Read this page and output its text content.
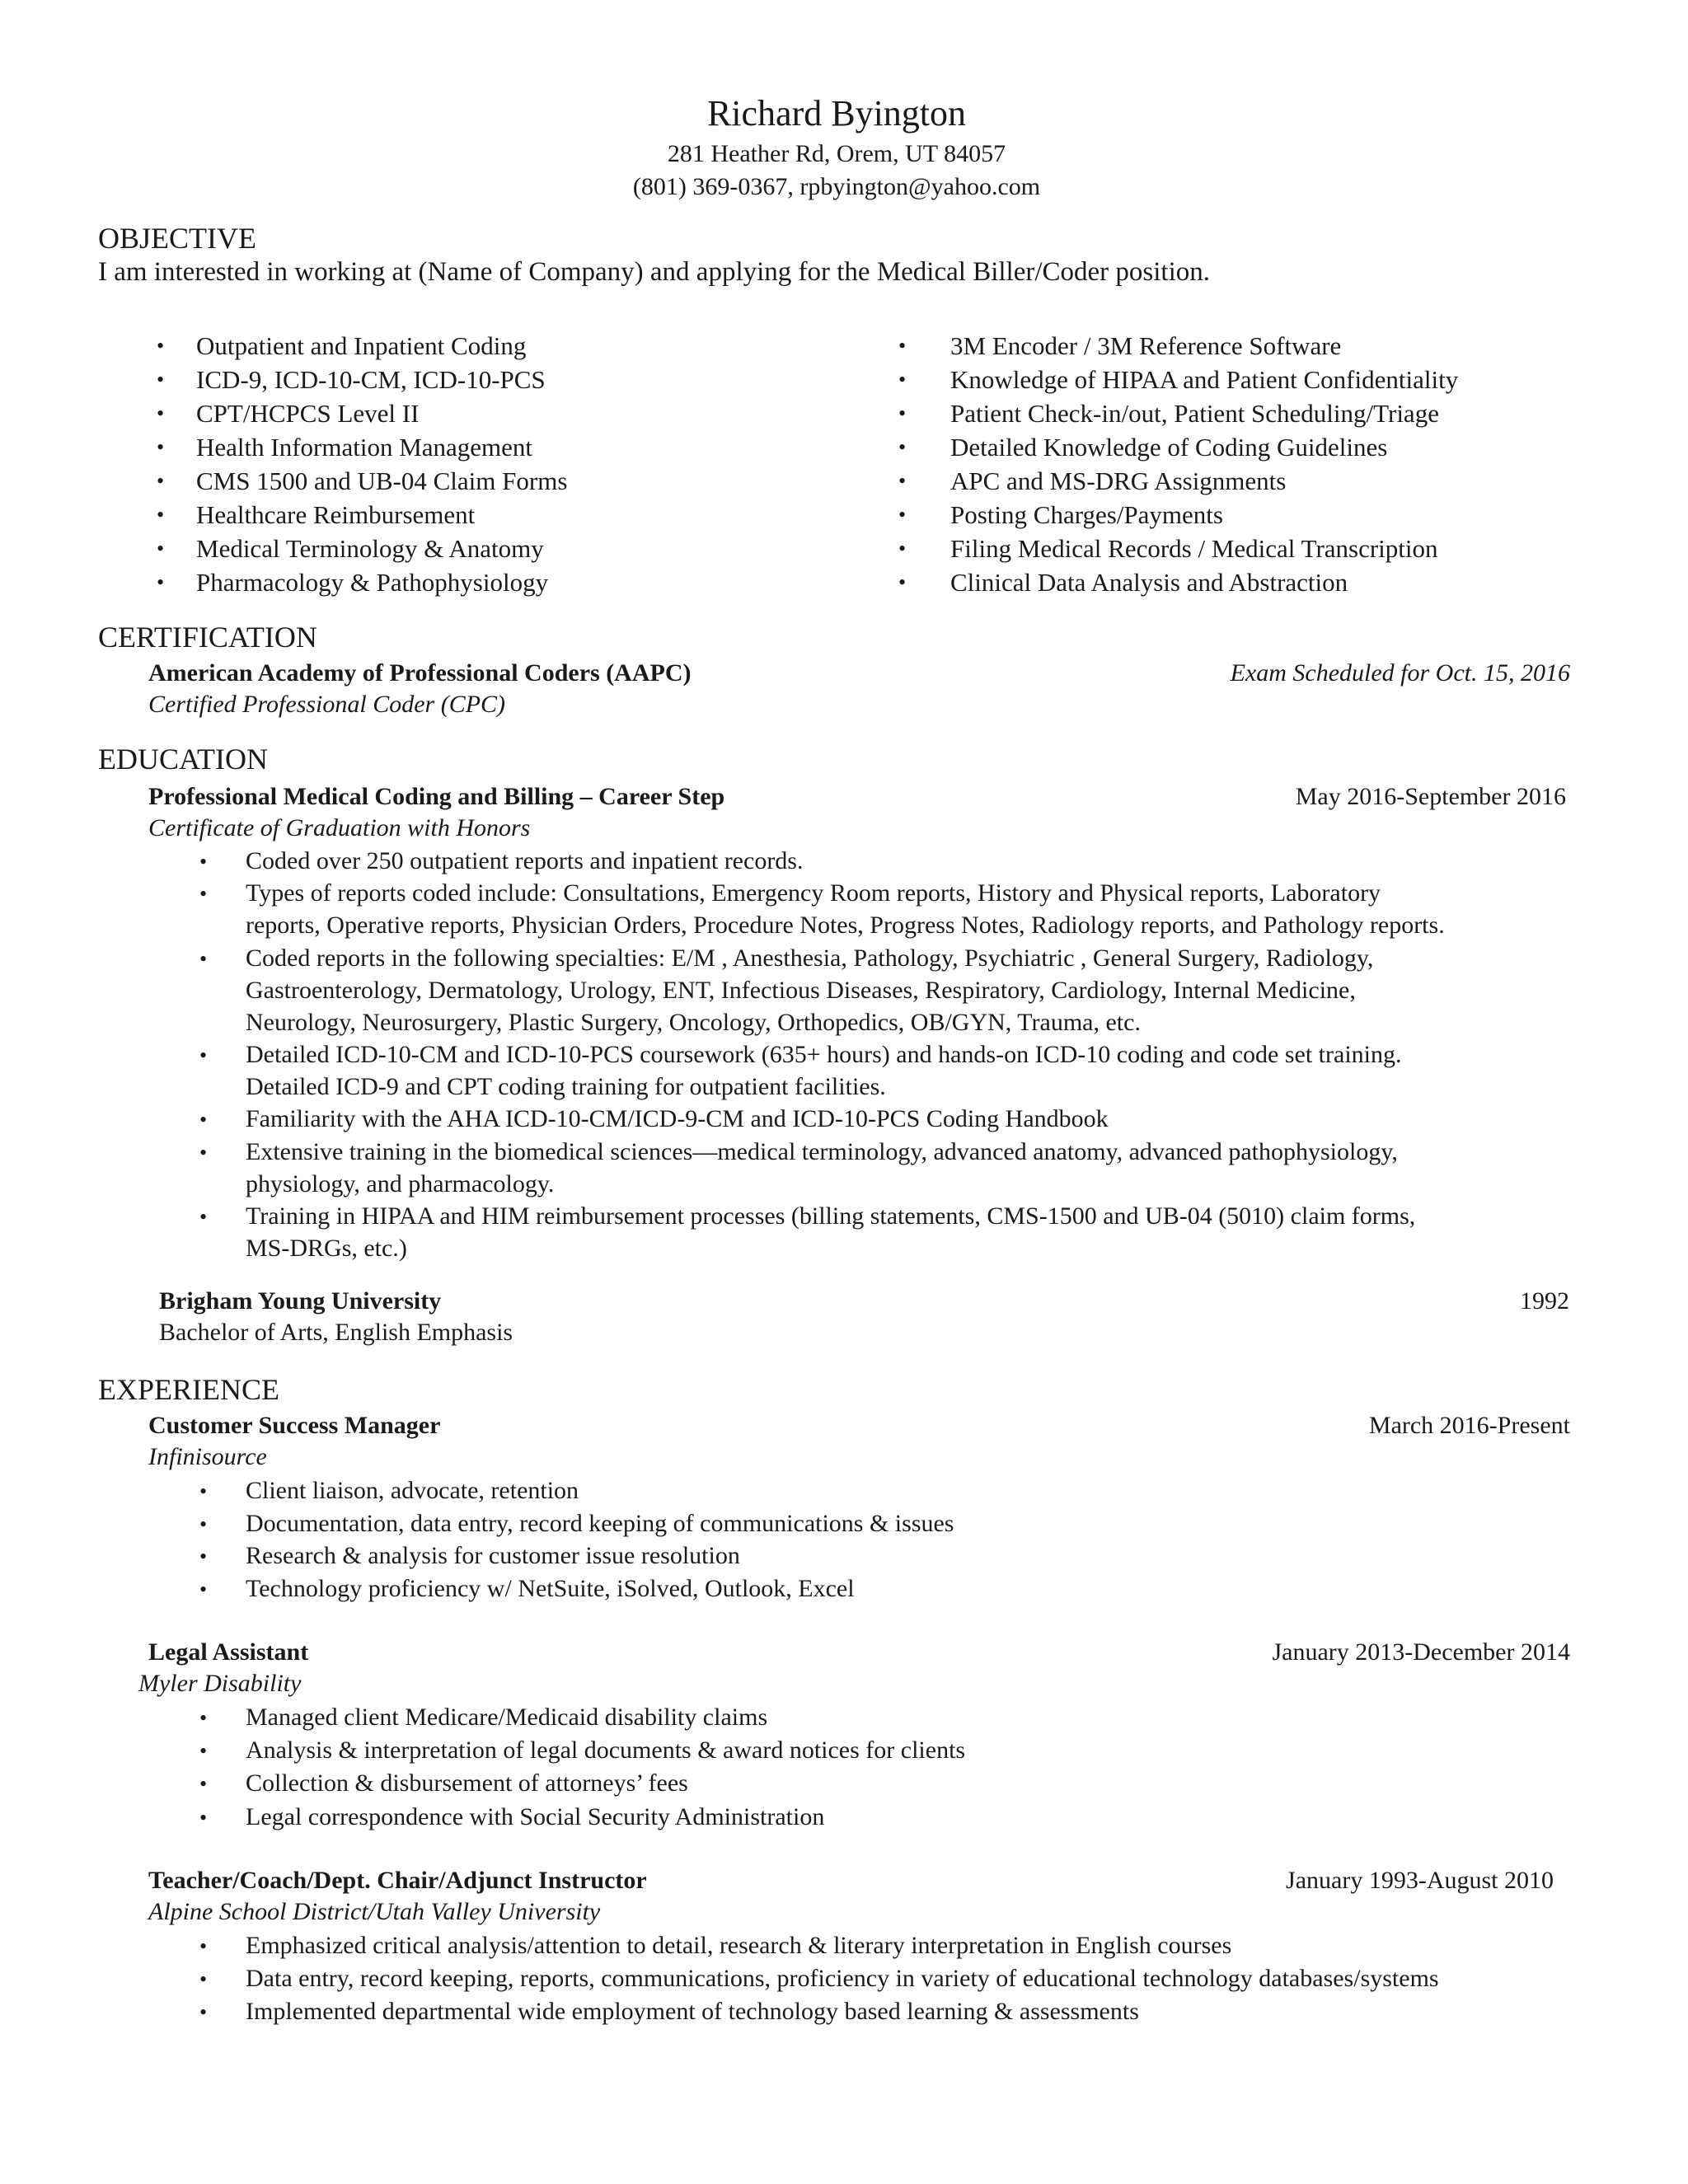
Richard Byington
281 Heather Rd, Orem, UT 84057
(801) 369-0367, rpbyington@yahoo.com
OBJECTIVE
I am interested in working at (Name of Company) and applying for the Medical Biller/Coder position.
• Outpatient and Inpatient Coding
• ICD-9, ICD-10-CM, ICD-10-PCS
• CPT/HCPCS Level II
• Health Information Management
• CMS 1500 and UB-04 Claim Forms
• Healthcare Reimbursement
• Medical Terminology & Anatomy
• Pharmacology & Pathophysiology
• 3M Encoder / 3M Reference Software
• Knowledge of HIPAA and Patient Confidentiality
• Patient Check-in/out, Patient Scheduling/Triage
• Detailed Knowledge of Coding Guidelines
• APC and MS-DRG Assignments
• Posting Charges/Payments
• Filing Medical Records / Medical Transcription
• Clinical Data Analysis and Abstraction
CERTIFICATION
American Academy of Professional Coders (AAPC)	Exam Scheduled for Oct. 15, 2016
Certified Professional Coder (CPC)
EDUCATION
Professional Medical Coding and Billing – Career Step	May 2016-September 2016
Certificate of Graduation with Honors
• Coded over 250 outpatient reports and inpatient records.
• Types of reports coded include: Consultations, Emergency Room reports, History and Physical reports, Laboratory
reports, Operative reports, Physician Orders, Procedure Notes, Progress Notes, Radiology reports, and Pathology reports.
• Coded reports in the following specialties: E/M , Anesthesia, Pathology, Psychiatric , General Surgery, Radiology,
Gastroenterology, Dermatology, Urology, ENT, Infectious Diseases, Respiratory, Cardiology, Internal Medicine,
Neurology, Neurosurgery, Plastic Surgery, Oncology, Orthopedics, OB/GYN, Trauma, etc.
• Detailed ICD-10-CM and ICD-10-PCS coursework (635+ hours) and hands-on ICD-10 coding and code set training.
Detailed ICD-9 and CPT coding training for outpatient facilities.
• Familiarity with the AHA ICD-10-CM/ICD-9-CM and ICD-10-PCS Coding Handbook
• Extensive training in the biomedical sciences—medical terminology, advanced anatomy, advanced pathophysiology,
physiology, and pharmacology.
• Training in HIPAA and HIM reimbursement processes (billing statements, CMS-1500 and UB-04 (5010) claim forms,
MS-DRGs, etc.)
Brigham Young University	1992
Bachelor of Arts, English Emphasis
EXPERIENCE
Customer Success Manager	March 2016-Present
Infinisource
• Client liaison, advocate, retention
• Documentation, data entry, record keeping of communications & issues
• Research & analysis for customer issue resolution
• Technology proficiency w/ NetSuite, iSolved, Outlook, Excel
Legal Assistant	January 2013-December 2014
Myler Disability
• Managed client Medicare/Medicaid disability claims
• Analysis & interpretation of legal documents & award notices for clients
• Collection & disbursement of attorneys’ fees
• Legal correspondence with Social Security Administration
Teacher/Coach/Dept. Chair/Adjunct Instructor	January 1993-August 2010
Alpine School District/Utah Valley University
• Emphasized critical analysis/attention to detail, research & literary interpretation in English courses
• Data entry, record keeping, reports, communications, proficiency in variety of educational technology databases/systems
• Implemented departmental wide employment of technology based learning & assessments
